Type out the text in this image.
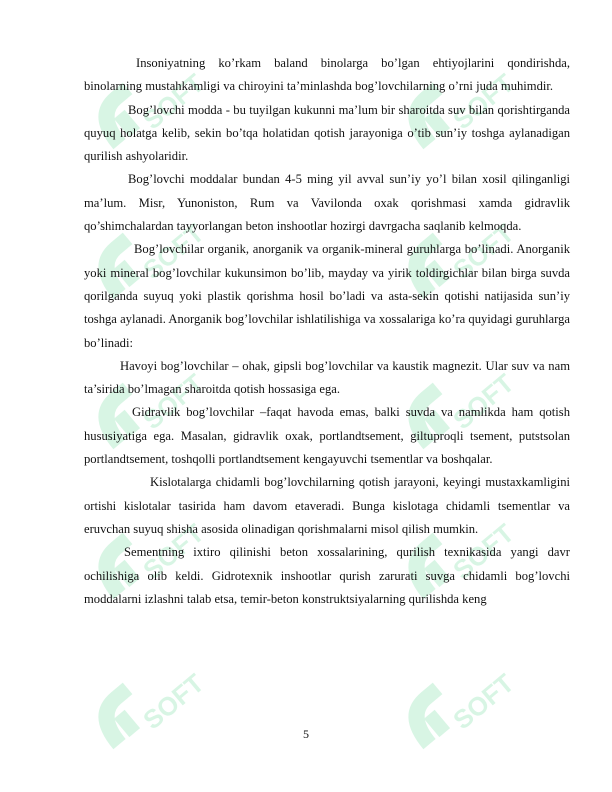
SOFT	SOFT
SOFT	SOFT
SOFT	SOFT
SOFT	SOFT
SOFT	SOFT

Insoniyatning ko’rkam baland binolarga bo’lgan ehtiyojlarini qondirishda, binolarning mustahkamligi va chiroyini ta’minlashda bog’lovchilarning o’rni juda muhimdir.

Bog’lovchi modda - bu tuyilgan kukunni ma’lum bir sharoitda suv bilan qorishtirganda quyuq holatga kelib, sekin bo’tqa holatidan qotish jarayoniga o’tib sun’iy toshga aylanadigan qurilish ashyolaridir.

Bog’lovchi moddalar bundan 4-5 ming yil avval sun’iy yo’l bilan xosil qilinganligi ma’lum. Misr, Yunoniston, Rum va Vavilonda oxak qorishmasi xamda gidravlik qo’shimchalardan tayyorlangan beton inshootlar hozirgi davrgacha saqlanib kelmoqda.

Bog’lovchilar organik, anorganik va organik-mineral guruhlarga bo’linadi. Anorganik yoki mineral bog’lovchilar kukunsimon bo’lib, mayday va yirik toldirgichlar bilan birga suvda qorilganda suyuq yoki plastik qorishma hosil bo’ladi va asta-sekin qotishi natijasida sun’iy toshga aylanadi. Anorganik bog’lovchilar ishlatilishiga va xossalariga ko’ra quyidagi guruhlarga bo’linadi:

Havoyi bog’lovchilar – ohak, gipsli bog’lovchilar va kaustik magnezit. Ular suv va nam ta’sirida bo’lmagan sharoitda qotish hossasiga ega.

Gidravlik bog’lovchilar –faqat havoda emas, balki suvda va namlikda ham qotish hususiyatiga ega. Masalan, gidravlik oxak, portlandtsement, giltuproqli tsement, putstsolan portlandtsement, toshqolli portlandtsement kengayuvchi tsementlar va boshqalar.

Kislotalarga chidamli bog’lovchilarning qotish jarayoni, keyingi mustaxkamligini ortishi kislotalar tasirida ham davom etaveradi. Bunga kislotaga chidamli tsementlar va eruvchan suyuq shisha asosida olinadigan qorishmalarni misol qilish mumkin.

Sementning ixtiro qilinishi beton xossalarining, qurilish texnikasida yangi davr ochilishiga olib keldi. Gidrotexnik inshootlar qurish zarurati suvga chidamli bog’lovchi moddalarni izlashni talab etsa, temir-beton konstruktsiyalarning qurilishda keng

5
